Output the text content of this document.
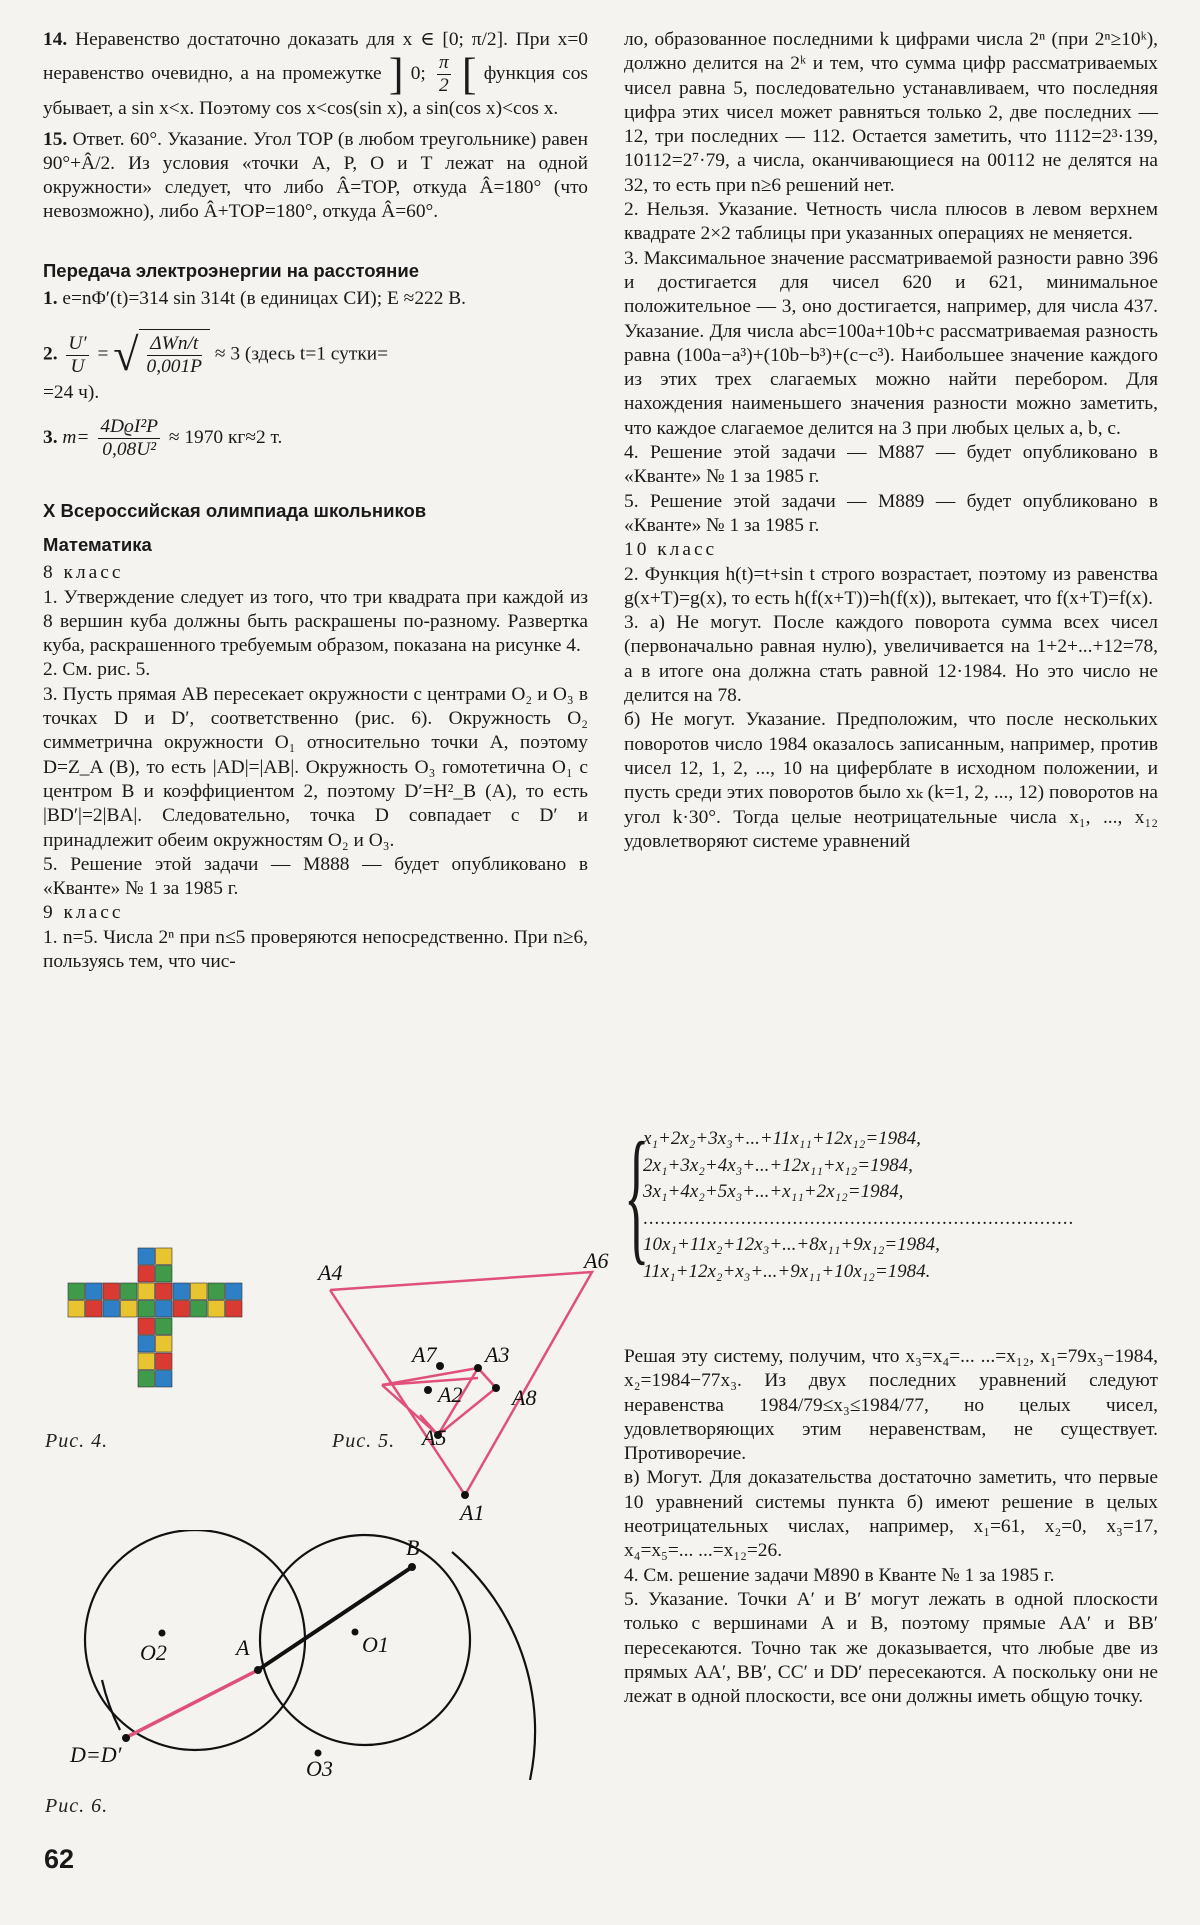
14. Неравенство достаточно доказать для x ∈ [0; π/2]. При x=0 неравенство очевидно, а на промежутке ] 0; $\frac{\pi}{2}$ [ функция cos убывает, а sin x<x. Поэтому cos x<cos(sin x), а sin(cos x)<cos x.

15. Ответ. 60°. Указание. Угол TOP (в любом треугольнике) равен 90°+Â/2. Из условия «точки A, P, O и T лежат на одной окружности» следует, что либо Â=TOP, откуда Â=180° (что невозможно), либо Â+TOP=180°, откуда Â=60°.

Передача электроэнергии на расстояние

1. e=nΦ′(t)=314 sin 314t (в единицах СИ); E ≈222 В.

2. $\frac{U'}{U}$ = √ $\frac{\text{ΔWп/t}}{0,001P} \approx 3$ (здесь t=1 сутки=

=24 ч).

3. $m= \frac{\text{4DϱI²P}}{\text{0,08U²}} \approx 1970$ кг≈2 т.

X Всероссийская олимпиада школьников

Математика

8 класс

1. Утверждение следует из того, что три квадрата при каждой из 8 вершин куба должны быть раскрашены по-разному. Развертка куба, раскрашенного требуемым образом, показана на рисунке 4.

2. См. рис. 5.

3. Пусть прямая AB пересекает окружности с центрами O₂ и O₃ в точках D и D′, соответственно (рис. 6). Окружность O₂ симметрична окружности O₁ относительно точки A, поэтому D=Z_A (B), то есть |AD|=|AB|. Окружность O₃ гомотетична O₁ с центром B и коэффициентом 2, поэтому D′=H²_B (A), то есть |BD′|=2|BA|. Следовательно, точка D совпадает с D′ и принадлежит обеим окружностям O₂ и O₃.

5. Решение этой задачи — М888 — будет опубликовано в «Кванте» № 1 за 1985 г.

9 класс

1. n=5. Числа 2ⁿ при n≤5 проверяются непосредственно. При n≥6, пользуясь тем, что чис-

Рис. 4.
A4	A6
A7 A3
A2 A8
A5
A1
Рис. 5.
B
A
O2	O1
D=D′
O3
Рис. 6.

ло, образованное последними k цифрами числа 2ⁿ (при 2ⁿ≥10ᵏ), должно делится на 2ᵏ и тем, что сумма цифр рассматриваемых чисел равна 5, последовательно устанавливаем, что последняя цифра этих чисел может равняться только 2, две последних — 12, три последних — 112. Остается заметить, что 1112=2³·139, 10112=2⁷·79, а числа, оканчивающиеся на 00112 не делятся на 32, то есть при n≥6 решений нет.

2. Нельзя. Указание. Четность числа плюсов в левом верхнем квадрате 2×2 таблицы при указанных операциях не меняется.

3. Максимальное значение рассматриваемой разности равно 396 и достигается для чисел 620 и 621, минимальное положительное — 3, оно достигается, например, для числа 437. Указание. Для числа abc=100a+10b+c рассматриваемая разность равна (100a−a³)+(10b−b³)+(c−c³). Наибольшее значение каждого из этих трех слагаемых можно найти перебором. Для нахождения наименьшего значения разности можно заметить, что каждое слагаемое делится на 3 при любых целых a, b, c.

4. Решение этой задачи — М887 — будет опубликовано в «Кванте» № 1 за 1985 г.

5. Решение этой задачи — М889 — будет опубликовано в «Кванте» № 1 за 1985 г.

10 класс

2. Функция h(t)=t+sin t строго возрастает, поэтому из равенства g(x+T)=g(x), то есть h(f(x+T))=h(f(x)), вытекает, что f(x+T)=f(x).

3. а) Не могут. После каждого поворота сумма всех чисел (первоначально равная нулю), увеличивается на 1+2+...+12=78, а в итоге она должна стать равной 12·1984. Но это число не делится на 78.

б) Не могут. Указание. Предположим, что после нескольких поворотов число 1984 оказалось записанным, например, против чисел 12, 1, 2, ..., 10 на циферблате в исходном положении, и пусть среди этих поворотов было xₖ (k=1, 2, ..., 12) поворотов на угол k·30°. Тогда целые неотрицательные числа x₁, ..., x₁₂ удовлетворяют системе уравнений

{
x₁+2x₂+3x₃+...+11x₁₁+12x₁₂=1984,
2x₁+3x₂+4x₃+...+12x₁₁+x₁₂=1984,
3x₁+4x₂+5x₃+...+x₁₁+2x₁₂=1984,
...........................................................................
10x₁+11x₂+12x₃+...+8x₁₁+9x₁₂=1984,
11x₁+12x₂+x₃+...+9x₁₁+10x₁₂=1984.

Решая эту систему, получим, что x₃=x₄=... ...=x₁₂, x₁=79x₃−1984, x₂=1984−77x₃. Из двух последних уравнений следуют неравенства 1984/79≤x₃≤1984/77, но целых чисел, удовлетворяющих этим неравенствам, не существует. Противоречие.

в) Могут. Для доказательства достаточно заметить, что первые 10 уравнений системы пункта б) имеют решение в целых неотрицательных числах, например, x₁=61, x₂=0, x₃=17, x₄=x₅=... ...=x₁₂=26.

4. См. решение задачи М890 в Кванте № 1 за 1985 г.

5. Указание. Точки A′ и B′ могут лежать в одной плоскости только с вершинами A и B, поэтому прямые AA′ и BB′ пересекаются. Точно так же доказывается, что любые две из прямых AA′, BB′, CC′ и DD′ пересекаются. А поскольку они не лежат в одной плоскости, все они должны иметь общую точку.

62
